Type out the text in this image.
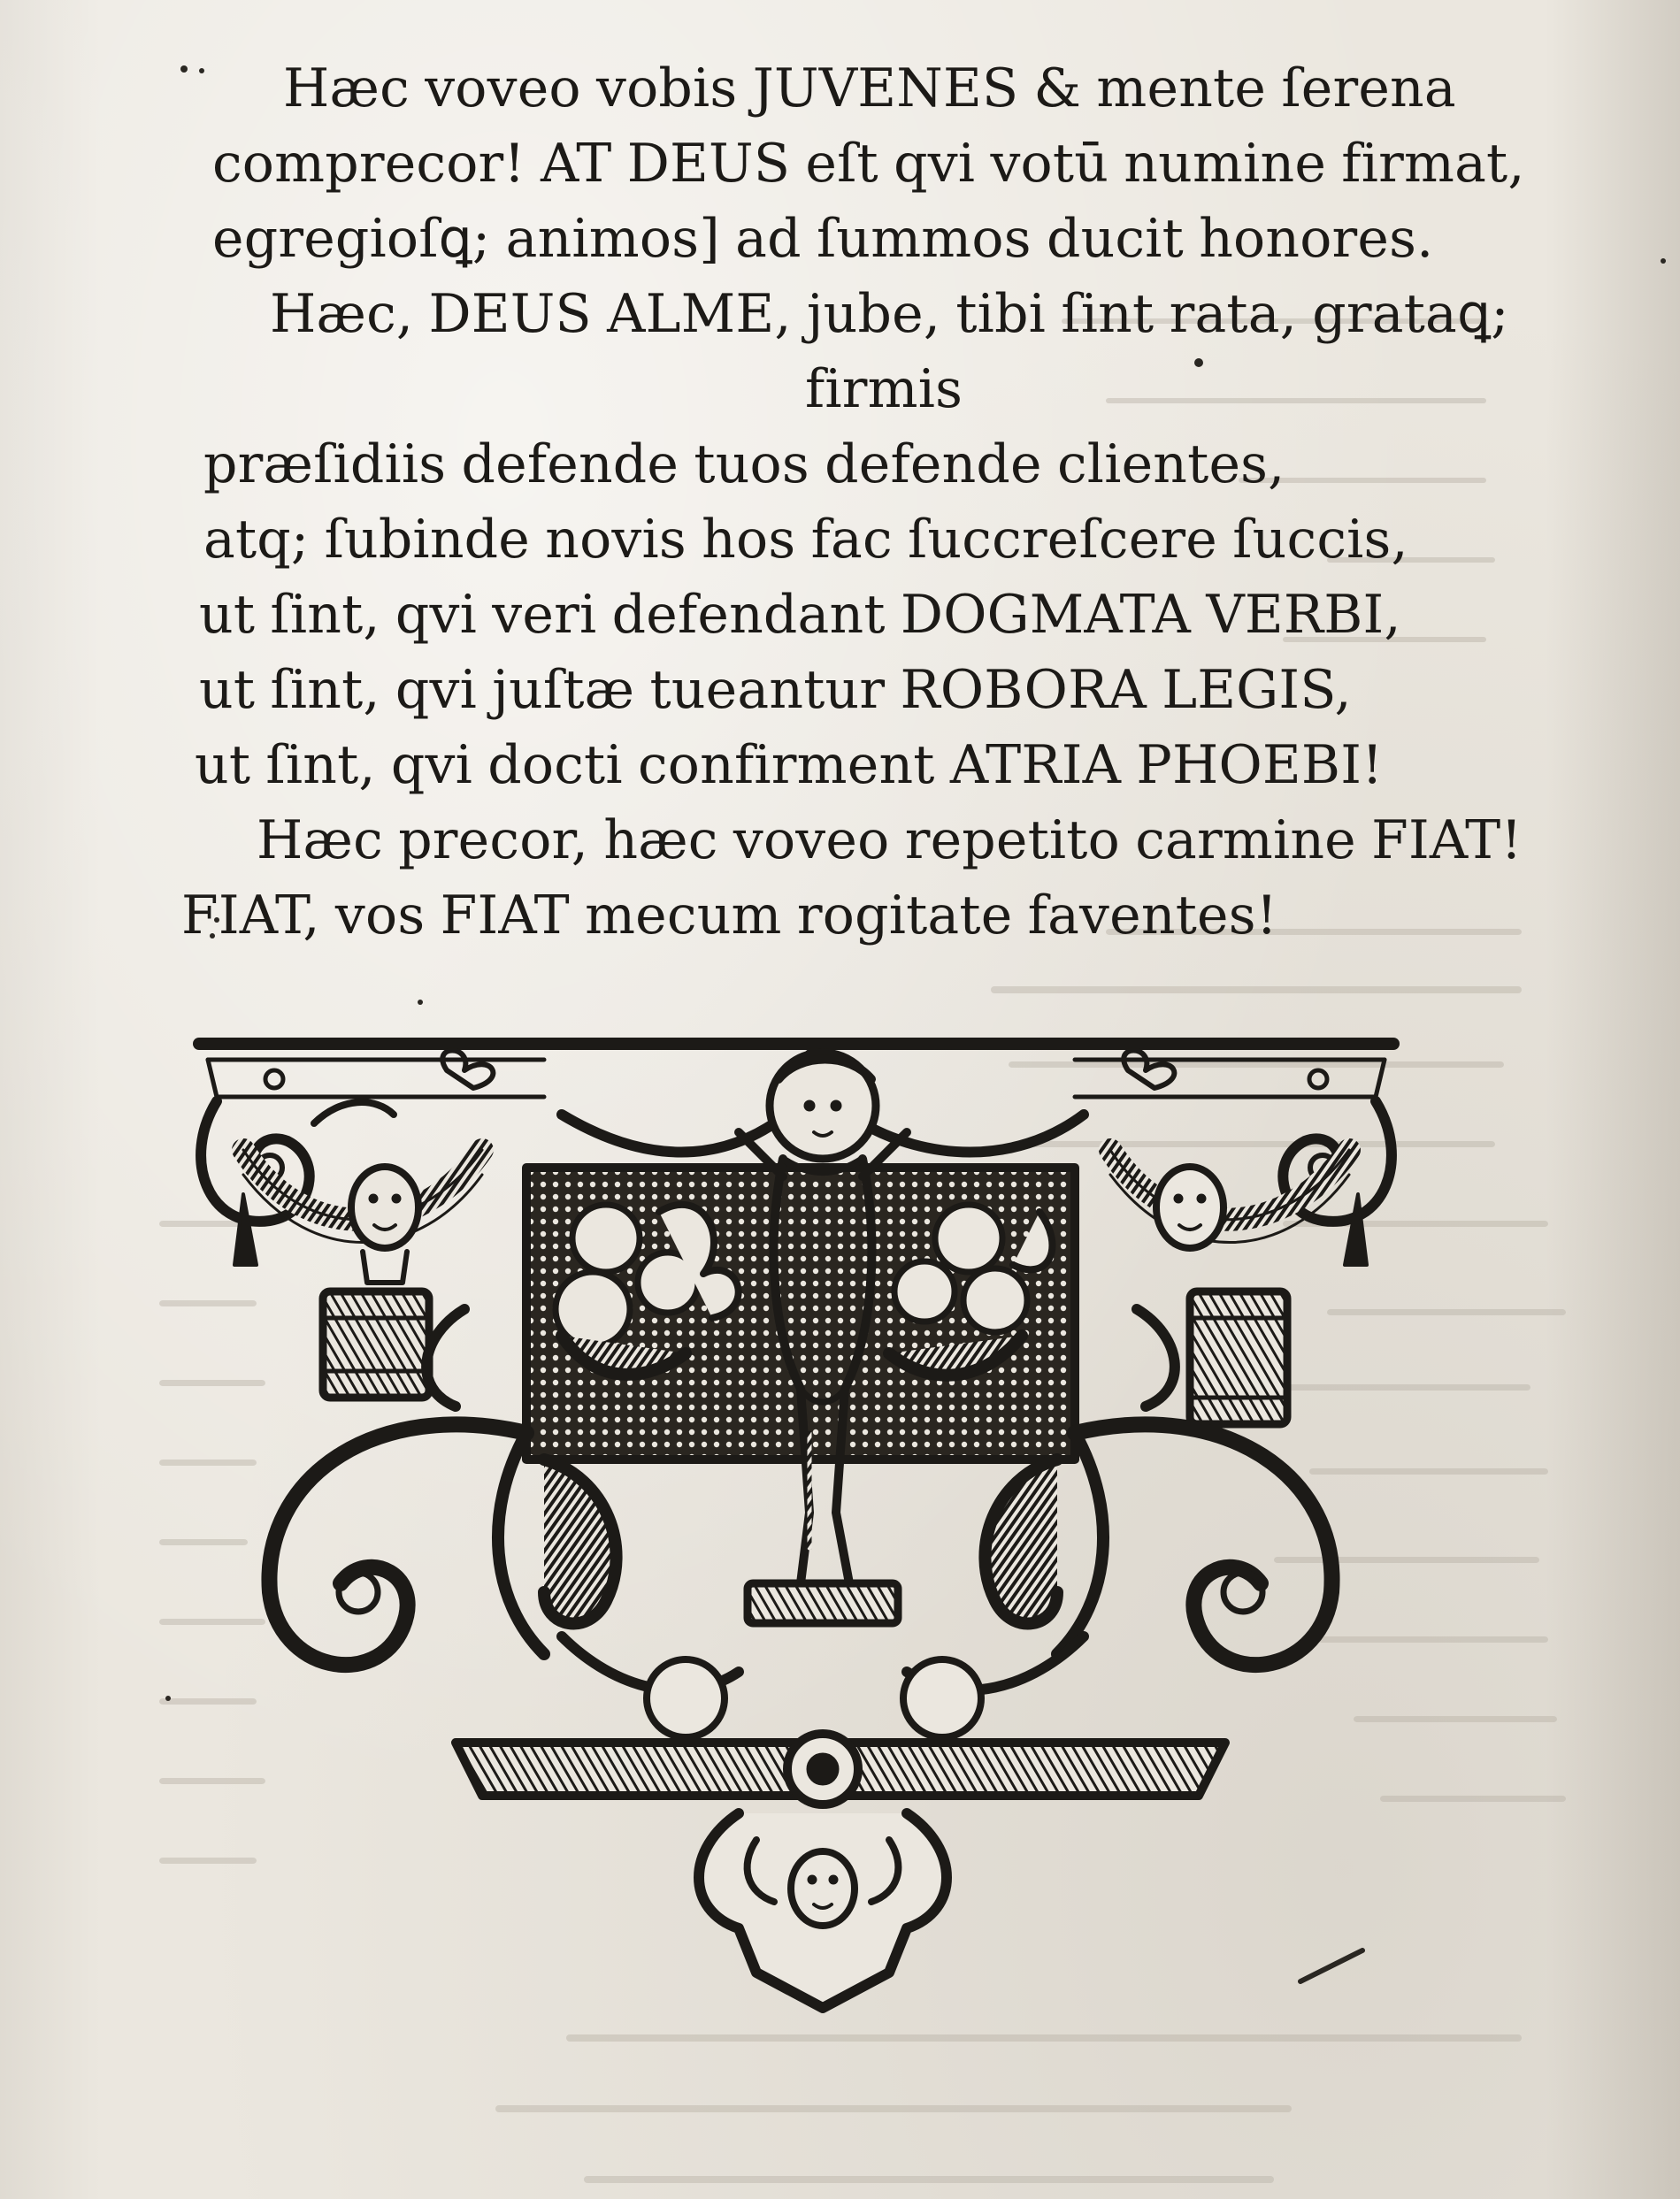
Hæc voveo vobis JUVENES & mente ſerena
comprecor! AT DEUS eſt qvi votū numine firmat,
egregioſꝗ; animos] ad ſummos ducit honores.
Hæc, DEUS ALME, jube, tibi ſint rata, grataꝗ;
firmis
præſidiis defende tuos defende clientes,
atq; ſubinde novis hos fac ſuccreſcere ſuccis,
ut ſint, qvi veri defendant DOGMATA VERBI,
ut ſint, qvi juſtæ tueantur ROBORA LEGIS,
ut ſint, qvi docti confirment ATRIA PHOEBI!
Hæc precor, hæc voveo repetito carmine FIAT!
FIAT, vos FIAT mecum rogitate faventes!
